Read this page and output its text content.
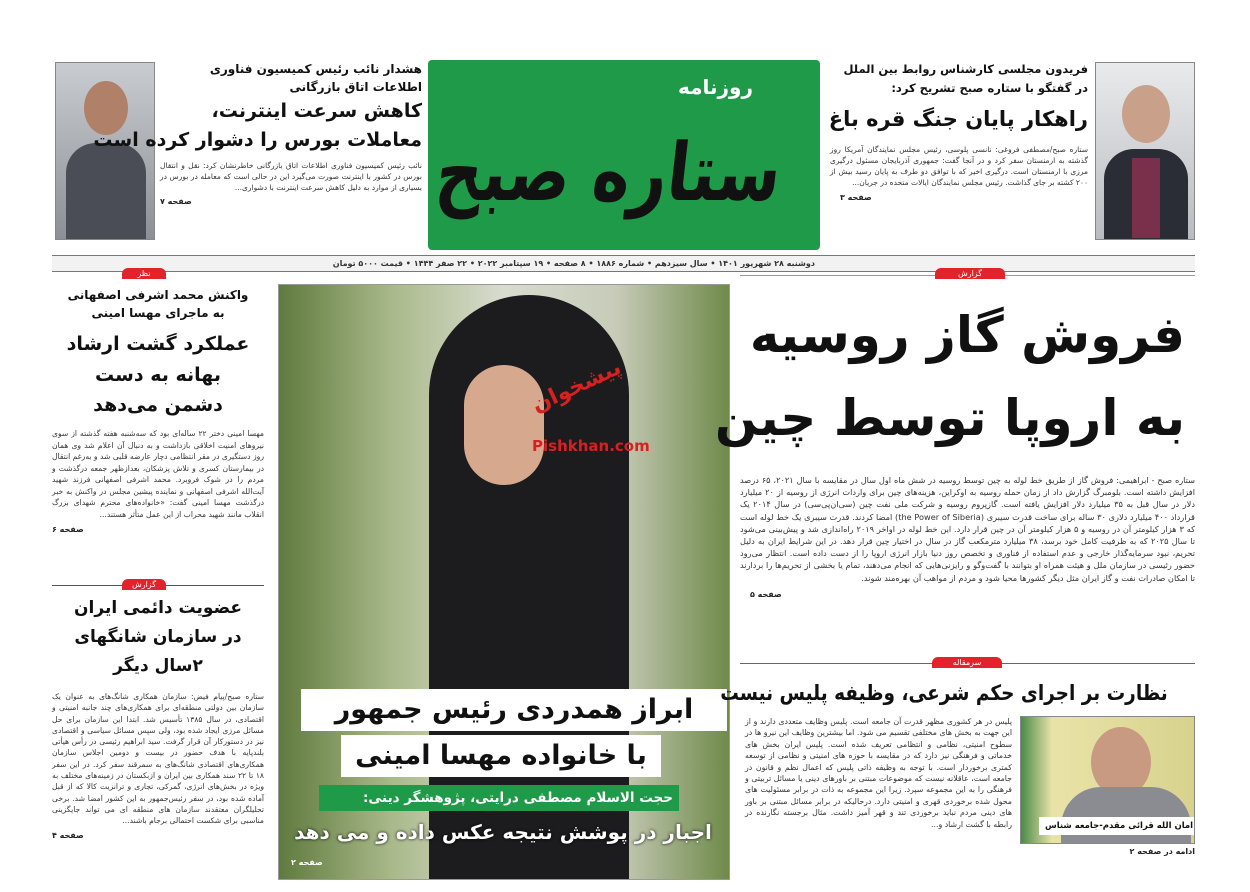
هشدار نائب رئیس کمیسیون فناوری
اطلاعات اتاق بازرگانی
کاهش سرعت اینترنت،
معاملات بورس را دشوار کرده است
نائب رئیس کمیسیون فناوری اطلاعات اتاق بازرگانی خاطرنشان کرد: نقل و انتقال بورس در کشور با اینترنت صورت می‌گیرد این در حالی است که معامله در بورس در بسیاری از موارد به دلیل کاهش سرعت اینترنت با دشواری...
صفحه ۷
روزنامه
ستاره صبح
فریدون مجلسی کارشناس روابط بین الملل
در گفتگو با ستاره صبح تشریح کرد:
راهکار پایان جنگ قره باغ
ستاره صبح/مصطفی فروغی: نانسی پلوسی، رئیس مجلس نمایندگان آمریکا روز گذشته به ارمنستان سفر کرد و در آنجا گفت: جمهوری آذربایجان مسئول درگیری مرزی با ارمنستان است. درگیری اخیر که با توافق دو طرف به پایان رسید بیش از ۲۰۰ کشته بر جای گذاشت. رئیس مجلس نمایندگان ایالات متحده در جریان...
صفحه ۳
دوشنبه ۲۸ شهریور ۱۴۰۱ • سال سیزدهم • شماره ۱۸۸۶ • ۸ صفحه • ۱۹ سپتامبر ۲۰۲۲ • ۲۲ صفر ۱۴۴۴ • قیمت ۵۰۰۰ تومان
نظر
واکنش محمد اشرفی اصفهانی
به ماجرای مهسا امینی
عملکرد گشت ارشاد
بهانه به دست
دشمن می‌دهد
مهسا امینی دختر ۲۲ ساله‌ای بود که سه‌شنبه هفته گذشته از سوی نیروهای امنیت اخلاقی بازداشت و به دنبال آن اعلام شد وی همان روز دستگیری در مقر انتظامی دچار عارضه قلبی شد و به‌رغم انتقال در بیمارستان کسری و تلاش پزشکان، بعدازظهر جمعه درگذشت و مردم را در شوک فروبرد. محمد اشرفی اصفهانی فرزند شهید آیت‌الله اشرفی اصفهانی و نماینده پیشین مجلس در واکنش به خبر درگذشت مهسا امینی گفت: «خانواده‌های محترم شهدای بزرگ انقلاب مانند شهید محراب از این عمل متأثر هستند...
صفحه ۶
گزارش
عضویت دائمی ایران
در سازمان شانگهای
۲سال دیگر
ستاره صبح/پیام فیض: سازمان همکاری شانگ‌های به عنوان یک سازمان بین دولتی منطقه‌ای برای همکاری‌های چند جانبه امنیتی و اقتصادی، در سال ۱۳۸۵ تأسیس شد. ابتدا این سازمان برای حل مسائل مرزی ایجاد شده بود، ولی سپس مسائل سیاسی و اقتصادی نیز در دستورکار آن قرار گرفت. سید ابراهیم رئیسی در رأس هیأتی بلندپایه با هدف حضور در بیست و دومین اجلاس سازمان همکاری‌های اقتصادی شانگ‌های به سمرقند سفر کرد. در این سفر ۱۸ تا ۲۲ سند همکاری بین ایران و ازبکستان در زمینه‌های مختلف به ویژه در بخش‌های انرژی، گمرکی، تجاری و ترانزیت کالا که از قبل آماده شده بود، در سفر رئیس‌جمهور به این کشور امضا شد. برخی تحلیلگران معتقدند سازمان های منطقه ای می تواند جایگزینی مناسبی برای شکست احتمالی برجام باشند...
صفحه ۴
پیشخوان
Pishkhan.com
ابراز همدردی رئیس جمهور
با خانواده مهسا امینی
حجت الاسلام مصطفی درایتی، پژوهشگر دینی:
اجبار در پوشش نتیجه عکس داده و می دهد
صفحه ۲
گزارش
فروش گاز روسیه
به اروپا توسط چین
ستاره صبح - ابراهیمی: فروش گاز از طریق خط لوله به چین توسط روسیه در شش ماه اول سال در مقایسه با سال ۲۰۲۱، ۶۵ درصد افزایش داشته است. بلومبرگ گزارش داد از زمان حمله روسیه به اوکراین، هزینه‌های چین برای واردات انرژی از روسیه از ۲۰ میلیارد دلار در سال قبل به ۳۵ میلیارد دلار افزایش یافته است. گازپروم روسیه و شرکت ملی نفت چین (سی‌ان‌پی‌سی) در سال ۲۰۱۴ یک قرارداد ۴۰۰ میلیارد دلاری ۳۰ ساله برای ساخت قدرت سیبری (the Power of Siberia) امضا کردند. قدرت سیبری یک خط لوله است که ۳ هزار کیلومتر آن در روسیه و ۵ هزار کیلومتر آن در چین قرار دارد. این خط لوله در اواخر ۲۰۱۹ راه‌اندازی شد و پیش‌بینی می‌شود تا سال ۲۰۲۵ که به ظرفیت کامل خود برسد، ۳۸ میلیارد مترمکعب گاز در سال در اختیار چین قرار دهد. در این شرایط ایران به دلیل تحریم، نبود سرمایه‌گذار خارجی و عدم استفاده از فناوری و تخصص روز دنیا بازار انرژی اروپا را از دست داده است. انتظار می‌رود حضور رئیسی در سازمان ملل و هیئت همراه او بتوانند با گفت‌وگو و رایزنی‌هایی که انجام می‌دهند، تمام یا بخشی از تحریم‌ها را بردارند تا امکان صادرات نفت و گاز ایران مثل دیگر کشورها محیا شود و مردم از مواهب آن بهره‌مند شوند.
صفحه ۵
سرمقاله
نظارت بر اجرای حکم شرعی، وظیفه پلیس نیست
امان الله قرائی مقدم-جامعه شناس
پلیس در هر کشوری مظهر قدرت آن جامعه است. پلیس وظایف متعددی دارند و از این جهت به بخش های مختلفی تقسیم می شود. اما بیشترین وظایف این نیرو ها در سطوح امنیتی، نظامی و انتظامی تعریف شده است. پلیس ایران بخش های خدماتی و فرهنگی نیز دارد که در مقایسه با حوزه های امنیتی و نظامی از توسعه کمتری برخوردار است. با توجه به وظیفه ذاتی پلیس که اعمال نظم و قانون در جامعه است، عاقلانه نیست که موضوعات مبتنی بر باورهای دینی یا مسائل تربیتی و فرهنگی را به این مجموعه سپرد. زیرا این مجموعه به ذات در برابر مسئولیت های محول شده برخوردی قهری و امنیتی دارد. درحالیکه در برابر مسائل مبتنی بر باور های دینی مردم نباید برخوردی تند و قهر آمیز داشت. مثال برجسته نگارنده در رابطه با گشت ارشاد و...
ادامه در صفحه ۲
